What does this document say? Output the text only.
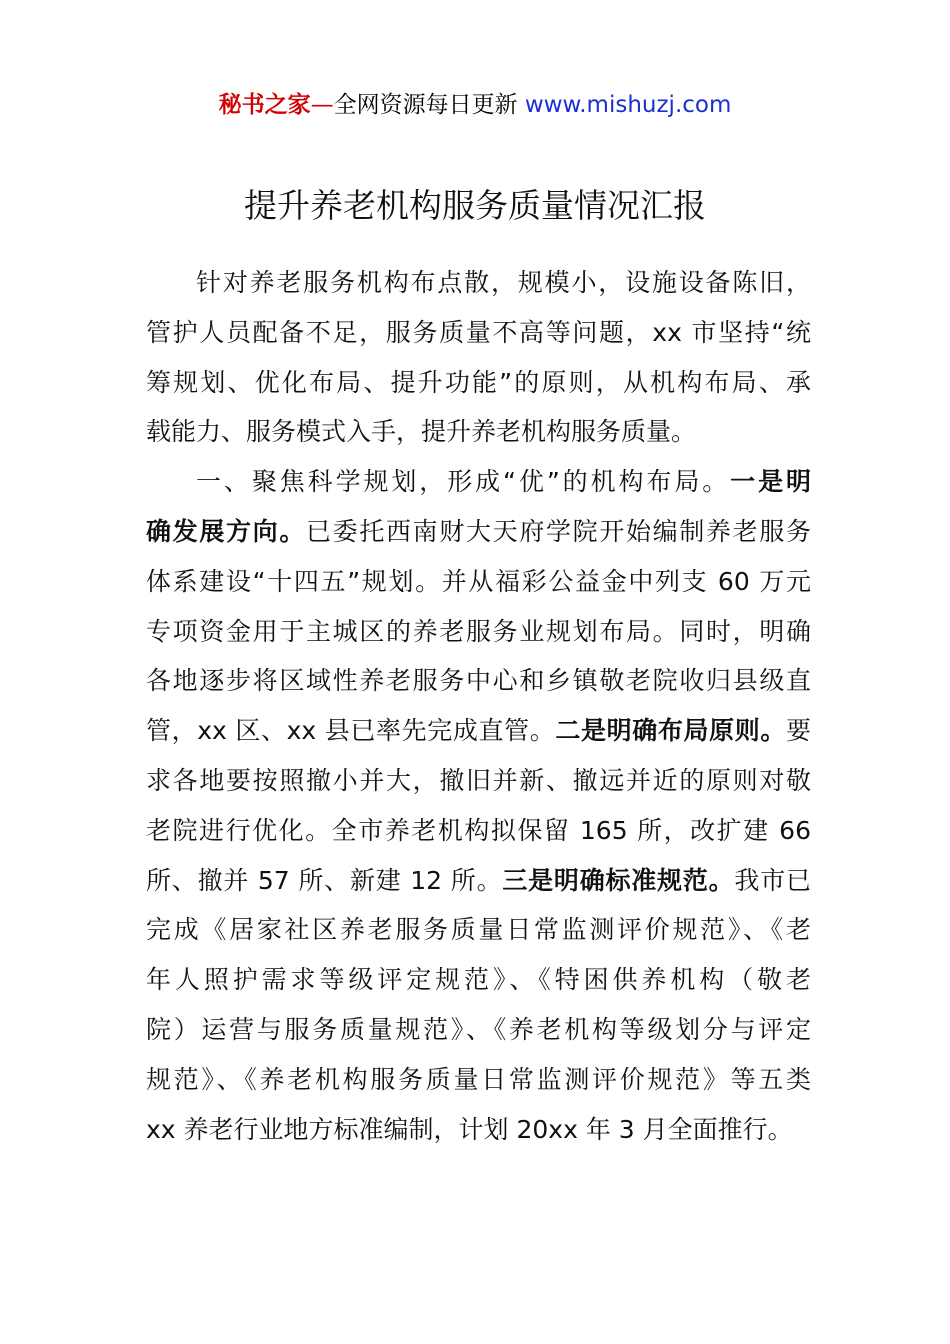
秘书之家—全网资源每日更新 www.mishuzj.com
提升养老机构服务质量情况汇报
针对养老服务机构布点散，规模小，设施设备陈旧，
管护人员配备不足，服务质量不高等问题，xx 市坚持“统
筹规划、优化布局、提升功能”的原则，从机构布局、承
载能力、服务模式入手，提升养老机构服务质量。
一、聚焦科学规划，形成“优”的机构布局。一是明
确发展方向。已委托西南财大天府学院开始编制养老服务
体系建设“十四五”规划。并从福彩公益金中列支 60 万元
专项资金用于主城区的养老服务业规划布局。同时，明确
各地逐步将区域性养老服务中心和乡镇敬老院收归县级直
管，xx 区、xx 县已率先完成直管。二是明确布局原则。要
求各地要按照撤小并大，撤旧并新、撤远并近的原则对敬
老院进行优化。全市养老机构拟保留 165 所，改扩建 66
所、撤并 57 所、新建 12 所。三是明确标准规范。我市已
完成《居家社区养老服务质量日常监测评价规范》、《老
年人照护需求等级评定规范》、《特困供养机构（敬老
院）运营与服务质量规范》、《养老机构等级划分与评定
规范》、《养老机构服务质量日常监测评价规范》等五类
xx 养老行业地方标准编制，计划 20xx 年 3 月全面推行。
